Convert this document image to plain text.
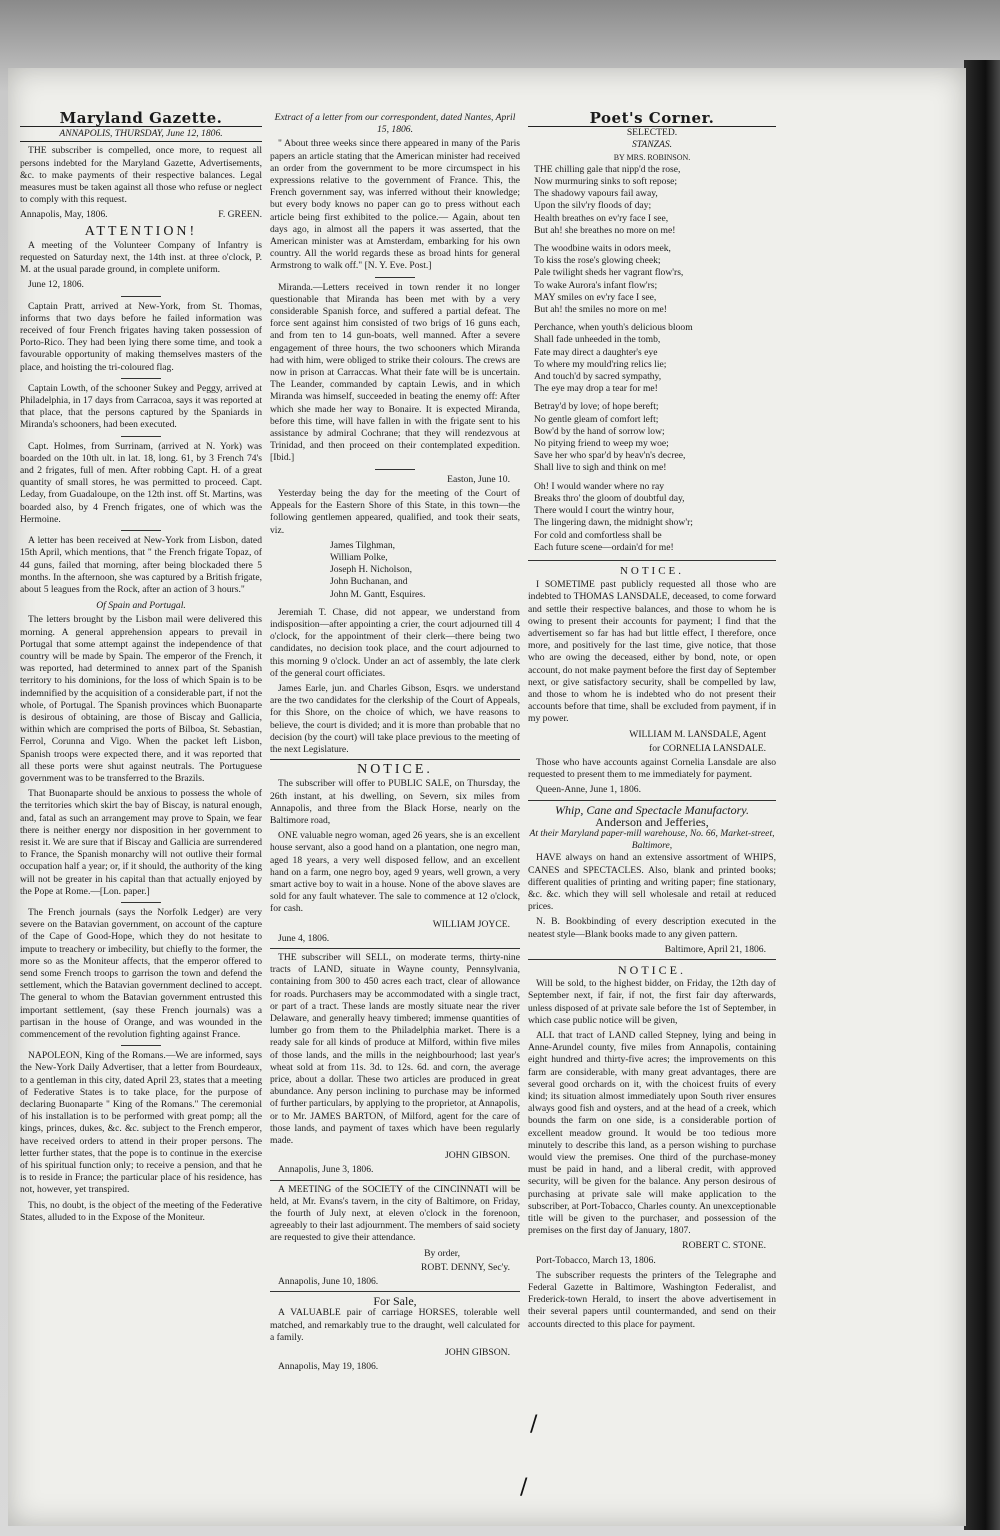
Maryland Gazette.
ANNAPOLIS, THURSDAY, June 12, 1806.

THE subscriber is compelled, once more, to request all persons indebted for the Maryland Gazette, Advertisements, &c. to make payments of their respective balances. Legal measures must be taken against all those who refuse or neglect to comply with this request.

Annapolis, May, 1806.	F. GREEN.
ATTENTION!

A meeting of the Volunteer Company of Infantry is requested on Saturday next, the 14th inst. at three o'clock, P. M. at the usual parade ground, in complete uniform.

June 12, 1806.

Captain Pratt, arrived at New-York, from St. Thomas, informs that two days before he failed information was received of four French frigates having taken possession of Porto-Rico. They had been lying there some time, and took a favourable opportunity of making themselves masters of the place, and hoisting the tri-coloured flag.

Captain Lowth, of the schooner Sukey and Peggy, arrived at Philadelphia, in 17 days from Carracoa, says it was reported at that place, that the persons captured by the Spaniards in Miranda's schooners, had been executed.

Capt. Holmes, from Surrinam, (arrived at N. York) was boarded on the 10th ult. in lat. 18, long. 61, by 3 French 74's and 2 frigates, full of men. After robbing Capt. H. of a great quantity of small stores, he was permitted to proceed. Capt. Leday, from Guadaloupe, on the 12th inst. off St. Martins, was boarded also, by 4 French frigates, one of which was the Hermoine.

A letter has been received at New-York from Lisbon, dated 15th April, which mentions, that " the French frigate Topaz, of 44 guns, failed that morning, after being blockaded there 5 months. In the afternoon, she was captured by a British frigate, about 5 leagues from the Rock, after an action of 3 hours."

Of Spain and Portugal.

The letters brought by the Lisbon mail were delivered this morning. A general apprehension appears to prevail in Portugal that some attempt against the independence of that country will be made by Spain. The emperor of the French, it was reported, had determined to annex part of the Spanish territory to his dominions, for the loss of which Spain is to be indemnified by the acquisition of a considerable part, if not the whole, of Portugal. The Spanish provinces which Buonaparte is desirous of obtaining, are those of Biscay and Gallicia, within which are comprised the ports of Bilboa, St. Sebastian, Ferrol, Corunna and Vigo. When the packet left Lisbon, Spanish troops were expected there, and it was reported that all these ports were shut against neutrals. The Portuguese government was to be transferred to the Brazils.

That Buonaparte should be anxious to possess the whole of the territories which skirt the bay of Biscay, is natural enough, and, fatal as such an arrangement may prove to Spain, we fear there is neither energy nor disposition in her government to resist it. We are sure that if Biscay and Gallicia are surrendered to France, the Spanish monarchy will not outlive their formal occupation half a year; or, if it should, the authority of the king will not be greater in his capital than that actually enjoyed by the Pope at Rome.—[Lon. paper.]

The French journals (says the Norfolk Ledger) are very severe on the Batavian government, on account of the capture of the Cape of Good-Hope, which they do not hesitate to impute to treachery or imbecility, but chiefly to the former, the more so as the Moniteur affects, that the emperor offered to send some French troops to garrison the town and defend the settlement, which the Batavian government declined to accept. The general to whom the Batavian government entrusted this important settlement, (say these French journals) was a partisan in the house of Orange, and was wounded in the commencement of the revolution fighting against France.

NAPOLEON, King of the Romans.—We are informed, says the New-York Daily Advertiser, that a letter from Bourdeaux, to a gentleman in this city, dated April 23, states that a meeting of Federative States is to take place, for the purpose of declaring Buonaparte " King of the Romans." The ceremonial of his installation is to be performed with great pomp; all the kings, princes, dukes, &c. &c. subject to the French emperor, have received orders to attend in their proper persons. The letter further states, that the pope is to continue in the exercise of his spiritual function only; to receive a pension, and that he is to reside in France; the particular place of his residence, has not, however, yet transpired.

This, no doubt, is the object of the meeting of the Federative States, alluded to in the Expose of the Moniteur.

Extract of a letter from our correspondent, dated Nantes, April 15, 1806.

" About three weeks since there appeared in many of the Paris papers an article stating that the American minister had received an order from the government to be more circumspect in his expressions relative to the government of France. This, the French government say, was inferred without their knowledge; but every body knows no paper can go to press without each article being first exhibited to the police.— Again, about ten days ago, in almost all the papers it was asserted, that the American minister was at Amsterdam, embarking for his own country. All the world regards these as broad hints for general Armstrong to walk off." [N. Y. Eve. Post.]

Miranda.—Letters received in town render it no longer questionable that Miranda has been met with by a very considerable Spanish force, and suffered a partial defeat. The force sent against him consisted of two brigs of 16 guns each, and from ten to 14 gun-boats, well manned. After a severe engagement of three hours, the two schooners which Miranda had with him, were obliged to strike their colours. The crews are now in prison at Carraccas. What their fate will be is uncertain. The Leander, commanded by captain Lewis, and in which Miranda was himself, succeeded in beating the enemy off: After which she made her way to Bonaire. It is expected Miranda, before this time, will have fallen in with the frigate sent to his assistance by admiral Cochrane; that they will rendezvous at Trinidad, and then proceed on their contemplated expedition. [Ibid.]

Easton, June 10.

Yesterday being the day for the meeting of the Court of Appeals for the Eastern Shore of this State, in this town—the following gentlemen appeared, qualified, and took their seats, viz.

James Tilghman,
William Polke,
Joseph H. Nicholson,
John Buchanan, and
John M. Gantt, Esquires.

Jeremiah T. Chase, did not appear, we understand from indisposition—after appointing a crier, the court adjourned till 4 o'clock, for the appointment of their clerk—there being two candidates, no decision took place, and the court adjourned to this morning 9 o'clock. Under an act of assembly, the late clerk of the general court officiates.

James Earle, jun. and Charles Gibson, Esqrs. we understand are the two candidates for the clerkship of the Court of Appeals, for this Shore, on the choice of which, we have reasons to believe, the court is divided; and it is more than probable that no decision (by the court) will take place previous to the meeting of the next Legislature.

NOTICE.

The subscriber will offer to PUBLIC SALE, on Thursday, the 26th instant, at his dwelling, on Severn, six miles from Annapolis, and three from the Black Horse, nearly on the Baltimore road,

ONE valuable negro woman, aged 26 years, she is an excellent house servant, also a good hand on a plantation, one negro man, aged 18 years, a very well disposed fellow, and an excellent hand on a farm, one negro boy, aged 9 years, well grown, a very smart active boy to wait in a house. None of the above slaves are sold for any fault whatever. The sale to commence at 12 o'clock, for cash.

WILLIAM JOYCE.

June 4, 1806.

THE subscriber will SELL, on moderate terms, thirty-nine tracts of LAND, situate in Wayne county, Pennsylvania, containing from 300 to 450 acres each tract, clear of allowance for roads. Purchasers may be accommodated with a single tract, or part of a tract. These lands are mostly situate near the river Delaware, and generally heavy timbered; immense quantities of lumber go from them to the Philadelphia market. There is a ready sale for all kinds of produce at Milford, within five miles of those lands, and the mills in the neighbourhood; last year's wheat sold at from 11s. 3d. to 12s. 6d. and corn, the average price, about a dollar. These two articles are produced in great abundance. Any person inclining to purchase may be informed of further particulars, by applying to the proprietor, at Annapolis, or to Mr. JAMES BARTON, of Milford, agent for the care of those lands, and payment of taxes which have been regularly made.

JOHN GIBSON.

Annapolis, June 3, 1806.

A MEETING of the SOCIETY of the CINCINNATI will be held, at Mr. Evans's tavern, in the city of Baltimore, on Friday, the fourth of July next, at eleven o'clock in the forenoon, agreeably to their last adjournment. The members of said society are requested to give their attendance.

By order,
ROBT. DENNY, Sec'y.

Annapolis, June 10, 1806.

For Sale,

A VALUABLE pair of carriage HORSES, tolerable well matched, and remarkably true to the draught, well calculated for a family.

JOHN GIBSON.

Annapolis, May 19, 1806.

Poet's Corner.
SELECTED.
STANZAS.
BY MRS. ROBINSON.

THE chilling gale that nipp'd the rose,
Now murmuring sinks to soft repose;
The shadowy vapours fail away,
Upon the silv'ry floods of day;
Health breathes on ev'ry face I see,
But ah! she breathes no more on me!

The woodbine waits in odors meek,
To kiss the rose's glowing cheek;
Pale twilight sheds her vagrant flow'rs,
To wake Aurora's infant flow'rs;
MAY smiles on ev'ry face I see,
But ah! the smiles no more on me!

Perchance, when youth's delicious bloom
Shall fade unheeded in the tomb,
Fate may direct a daughter's eye
To where my mould'ring relics lie;
And touch'd by sacred sympathy,
The eye may drop a tear for me!

Betray'd by love; of hope bereft;
No gentle gleam of comfort left;
Bow'd by the hand of sorrow low;
No pitying friend to weep my woe;
Save her who spar'd by heav'n's decree,
Shall live to sigh and think on me!

Oh! I would wander where no ray
Breaks thro' the gloom of doubtful day,
There would I court the wintry hour,
The lingering dawn, the midnight show'r;
For cold and comfortless shall be
Each future scene—ordain'd for me!

NOTICE.

I SOMETIME past publicly requested all those who are indebted to THOMAS LANSDALE, deceased, to come forward and settle their respective balances, and those to whom he is owing to present their accounts for payment; I find that the advertisement so far has had but little effect, I therefore, once more, and positively for the last time, give notice, that those who are owing the deceased, either by bond, note, or open account, do not make payment before the first day of September next, or give satisfactory security, shall be compelled by law, and those to whom he is indebted who do not present their accounts before that time, shall be excluded from payment, if in my power.

WILLIAM M. LANSDALE, Agent
for CORNELIA LANSDALE.

Those who have accounts against Cornelia Lansdale are also requested to present them to me immediately for payment.

Queen-Anne, June 1, 1806.

Whip, Cane and Spectacle Manufactory.
Anderson and Jefferies,
At their Maryland paper-mill warehouse, No. 66, Market-street, Baltimore,

HAVE always on hand an extensive assortment of WHIPS, CANES and SPECTACLES. Also, blank and printed books; different qualities of printing and writing paper; fine stationary, &c. &c. which they will sell wholesale and retail at reduced prices.

N. B. Bookbinding of every description executed in the neatest style—Blank books made to any given pattern.

Baltimore, April 21, 1806.
NOTICE.

Will be sold, to the highest bidder, on Friday, the 12th day of September next, if fair, if not, the first fair day afterwards, unless disposed of at private sale before the 1st of September, in which case public notice will be given,

ALL that tract of LAND called Stepney, lying and being in Anne-Arundel county, five miles from Annapolis, containing eight hundred and thirty-five acres; the improvements on this farm are considerable, with many great advantages, there are several good orchards on it, with the choicest fruits of every kind; its situation almost immediately upon South river ensures always good fish and oysters, and at the head of a creek, which bounds the farm on one side, is a considerable portion of excellent meadow ground. It would be too tedious more minutely to describe this land, as a person wishing to purchase would view the premises. One third of the purchase-money must be paid in hand, and a liberal credit, with approved security, will be given for the balance. Any person desirous of purchasing at private sale will make application to the subscriber, at Port-Tobacco, Charles county. An unexceptionable title will be given to the purchaser, and possession of the premises on the first day of January, 1807.

ROBERT C. STONE.

Port-Tobacco, March 13, 1806.

The subscriber requests the printers of the Telegraphe and Federal Gazette in Baltimore, Washington Federalist, and Frederick-town Herald, to insert the above advertisement in their several papers until countermanded, and send on their accounts directed to this place for payment.

/
/
